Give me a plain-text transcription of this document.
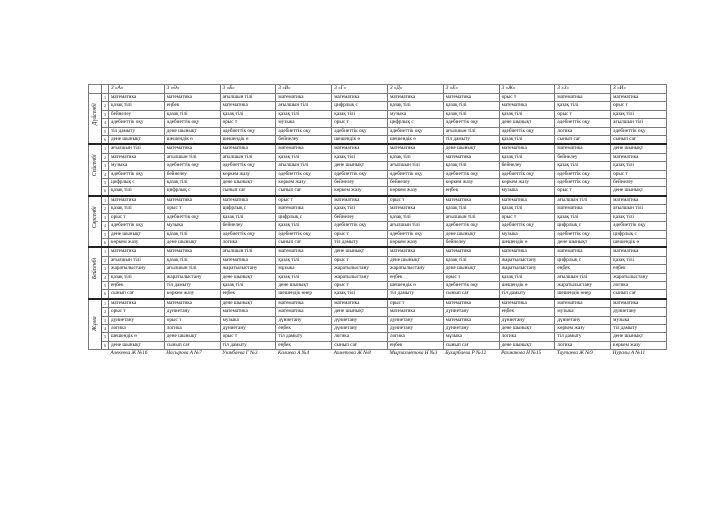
		3 «А»	3 «Ә»	3 «Б»	3 «В»	3 «Г»	3 «Д»	3 «Е»	3 «Ж»	3 «З»	3 «И»

Дүйсенбі	1	математика	математика	ағылшын тілі	математика	математика	математика	математика	орыс т	математика	математика
	2	қазақ тілі	еңбек	математика	ағылшын тілі	цифрлық с	қазақ тілі	қазақ тілі	математика	қазақ тілі	орыс т
	3	бейнелеу	қазақ тілі	қазақ тілі	қазақ тілі	қазақ тілі	музыка	қазақ тілі	қазақ тілі	орыс т	қазақ тілі
	4	әдебиеттік оқу	әдебиеттік оқу	орыс т	музыка	орыс т	цифрлық с	әдебиеттік оқу	дене шынықт	әдебиеттік оқу	ағылшын тілі
	5	тіл дамыту	дене шынықт	әдебиеттік оқу	әдебиеттік оқу	әдебиеттік оқу	әдебиеттік оқу	ағылшын тілі	әдебиеттік оқу	логика	әдебиеттік оқу
	6	дене шынықт	шешендік ө	шешендік ө	бейнелеу	шешендік ө	шешендік ө	тіл дамыту	қазақ тілі	сынып сағ	сынып сағ

Сейсенбі	1	ағылшын тілі	математика	математика	математика	математика	математика	дене шынықт	математика	математика	дене шынықт
	2	математика	ағылшын тілі	ағылшын тілі	қазақ тілі	қазақ тілі	қазақ тілі	математика	қазақ тілі	бейнелеу	математика
	3	музыка	әдебиеттік оқу	әдебиеттік оқу	ағылшын тілі	дене шынықт	ағылшын тілі	қазақ тілі	бейнелеу	қазақ тілі	қазақ тілі
	4	әдебиеттік оқу	бейнелеу	көркем жазу	әдебиеттік оқу	әдебиеттік оқу	әдебиеттік оқу	әдебиеттік оқу	әдебиеттік оқу	әдебиеттік оқу	орыс т
	5	цифрлық с	қазақ тілі	дене шынықт	көркем жазу	бейнелеу	бейнелеу	көркем жазу	көркем жазу	әдебиеттік оқу	бейнелеу
	6	қазақ тілі	цифрлық с	сынып сағ	сынып сағ	көркем жазу	көркем жазу	еңбек	музыка	орыс т	дене шынықт

Сәрсенбі	1	математика	математика	математика	орыс т	математика	орыс т	математика	математика	ағылшын тілі	математика
	2	қазақ тілі	орыс т	цифрлық с	математика	қазақ тілі	математика	қазақ тілі	қазақ тілі	математика	ағылшын тілі
	3	орыс т	әдебиеттік оқу	қазақ тілі	цифрлық с	бейнелеу	қазақ тілі	ағылшын тілі	орыс т	қазақ тілі	қазақ тілі
	4	әдебиеттік оқу	музыка	бейнелеу	қазақ тілі	әдебиеттік оқу	ағылшын тілі	әдебиеттік оқу	әдебиеттік оқу	цифрлық с	әдебиеттік оқу
	5	дене шынықт	қазақ тілі	әдебиеттік оқу	әдебиеттік оқу	орыс т	әдебиеттік оқу	дене шынықт	музыка	әдебиеттік оқу	цифрлық с
	6	көркем жазу	дене шынықт	логика	сынып сағ	тіл дамыту	көркем жазу	бейнелеу	шешендік ө	дене шынықт	шешендік ө

Бейсенбі	1	математика	математика	ағылшын тілі	математика	дене шынықт	математика	математика	математика	математика	математика
	2	ағылшын тілі	қазақ тілі	математика	қазақ тілі	орыс т	дене шынықт	қазақ тілі	жаратылыстану	цифрлық с	қазақ тілі
	3	жаратылыстану	ағылшын тілі	жаратылыстану	мұзыка	жаратылыстану	жаратылыстану	дене шынықт	жаратылыстану	еңбек	еңбек
	4	қазақ тілі	жаратылыстану	дене шынықт	қазақ тілі	жаратылыстану	еңбек	орыс т	қазақ тілі	ағылшын тілі	жаратылыстану
	5	еңбек	тіл дамыту	қазақ тілі	дене шынықт	орыс т	шешендік ө	әдебиеттік оқу	шешендік ө	жаратылыстану	логика
	6	сынып сағ	көркем жазу	еңбек	шешендік өнер	қазақ тілі	тіл дамыту	сынып сағ	тіл дамыту	шешендік өнер	сынып сағ

Жұма	1	математика	математика	дене шынықт	математика	математика	орыс т	математика	математика	математика	математика
	2	орыс т	дүниетану	математика	математика	дене шынықт	математика	дүниетану	еңбек	музыка	дүниетану
	3	дүниетану	орыс т	музыка	дүниетану	дүниетану	дүниетану	математика	дүниетану	дүниетану	музыка
	4	логика	логика	дүниетану	еңбек	дүниетану	дүниетану	дүниетану	дене шынықт	көркем жазу	тіл дамыту
	5	шешендік ө	дене шынықт	орыс т	тіл дамыту	логика	логика	мұзыка	логика	тіл дамыту	дене шынықт
	6	дене шынықт	сынып сағ	тіл дамыту	еңбек	сынып сағ	еңбек	сынып сағ	дене шынықт	логика	көркем жазу
		Алекеева Ж №16	Насырова А №7	Узакбаева Г №3	Калиева А №4	Ахметова Ж №8	Мырзахметова Н №3	Бухарбаева Р №12	Рахманова Н №15	Таутаева Ж №9	Нуралы А №11
